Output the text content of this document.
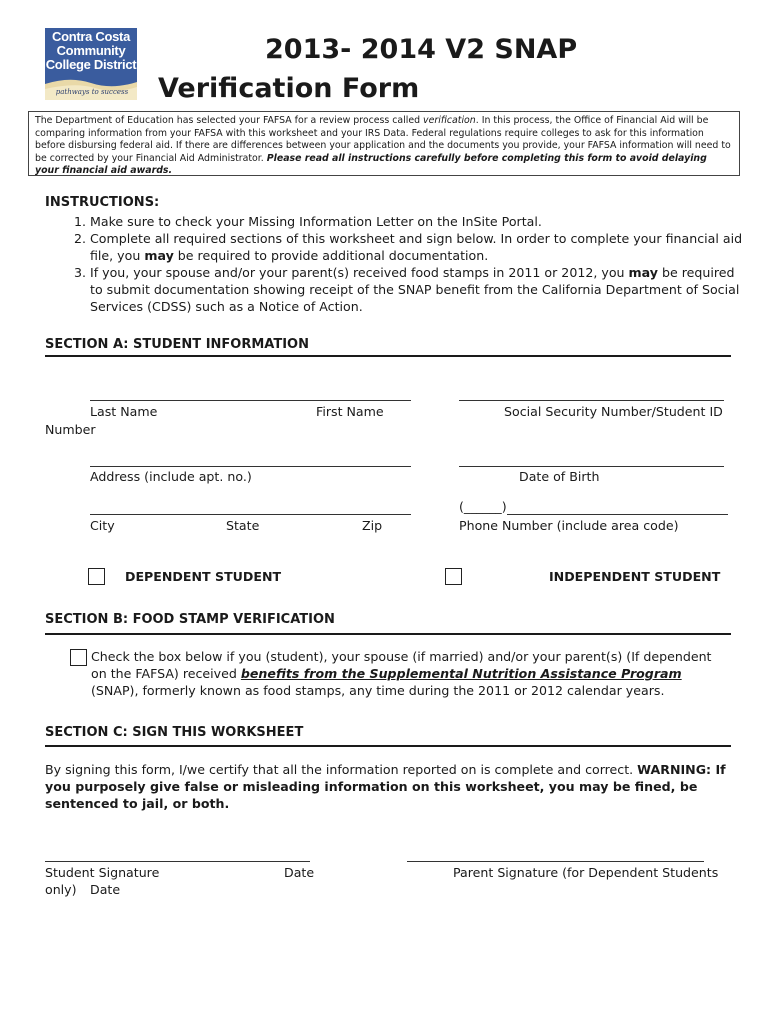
Contra Costa
Community
College District
pathways to success
2013- 2014 V2 SNAP
Verification Form
The Department of Education has selected your FAFSA for a review process called verification. In this process, the Office of Financial Aid will be comparing information from your FAFSA with this worksheet and your IRS Data. Federal regulations require colleges to ask for this information before disbursing federal aid. If there are differences between your application and the documents you provide, your FAFSA information will need to be corrected by your Financial Aid Administrator. Please read all instructions carefully before completing this form to avoid delaying your financial aid awards.
INSTRUCTIONS:
1. Make sure to check your Missing Information Letter on the InSite Portal.
2. Complete all required sections of this worksheet and sign below. In order to complete your financial aid file, you may be required to provide additional documentation.
3. If you, your spouse and/or your parent(s) received food stamps in 2011 or 2012, you may be required to submit documentation showing receipt of the SNAP benefit from the California Department of Social Services (CDSS) such as a Notice of Action.
SECTION A: STUDENT INFORMATION
Last Name	First Name	Social Security Number/Student ID
Number
Address (include apt. no.)	Date of Birth
(______)
City	State	Zip	Phone Number (include area code)
DEPENDENT STUDENT	INDEPENDENT STUDENT
SECTION B: FOOD STAMP VERIFICATION
Check the box below if you (student), your spouse (if married) and/or your parent(s) (If dependent on the FAFSA) received benefits from the Supplemental Nutrition Assistance Program (SNAP), formerly known as food stamps, any time during the 2011 or 2012 calendar years.
SECTION C: SIGN THIS WORKSHEET
By signing this form, I/we certify that all the information reported on is complete and correct. WARNING: If you purposely give false or misleading information on this worksheet, you may be fined, be sentenced to jail, or both.
Student Signature	Date	Parent Signature (for Dependent Students
only) Date
